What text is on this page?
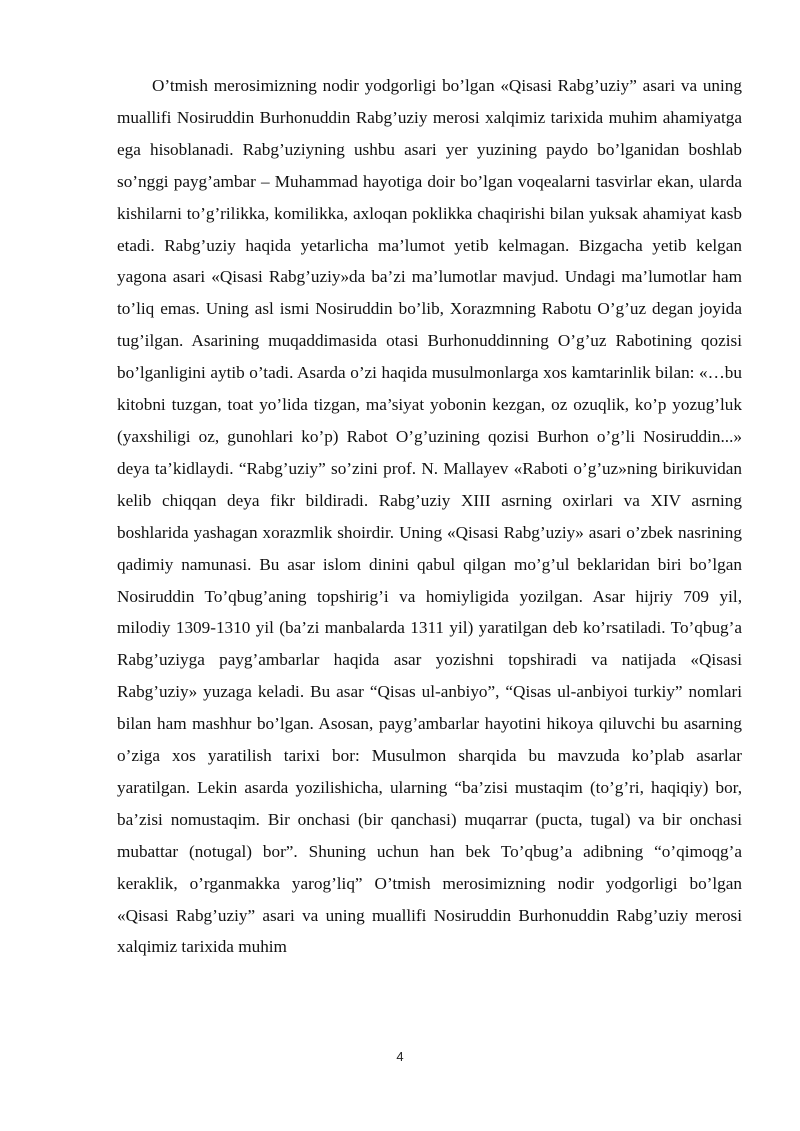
O’tmish merosimizning nodir yodgorligi bo’lgan «Qisasi Rabg’uziy” asari va uning muallifi Nosiruddin Burhonuddin Rabg’uziy merosi xalqimiz tarixida muhim ahamiyatga ega hisoblanadi. Rabg’uziyning ushbu asari yer yuzining paydo bo’lganidan boshlab so’nggi payg’ambar – Muhammad hayotiga doir bo’lgan voqealarni tasvirlar ekan, ularda kishilarni to’g’rilikka, komilikka, axloqan poklikka chaqirishi bilan yuksak ahamiyat kasb etadi. Rabg’uziy haqida yetarlicha ma’lumot yetib kelmagan. Bizgacha yetib kelgan yagona asari «Qisasi Rabg’uziy»da ba’zi ma’lumotlar mavjud. Undagi ma’lumotlar ham to’liq emas. Uning asl ismi Nosiruddin bo’lib, Xorazmning Rabotu O’g’uz degan joyida tug’ilgan. Asarining muqaddimasida otasi Burhonuddinning O’g’uz Rabotining qozisi bo’lganligini aytib o’tadi. Asarda o’zi haqida musulmonlarga xos kamtarinlik bilan: «…bu kitobni tuzgan, toat yo’lida tizgan, ma’siyat yobonin kezgan, oz ozuqlik, ko’p yozug’luk (yaxshiligi oz, gunohlari ko’p) Rabot O’g’uzining qozisi Burhon o’g’li Nosiruddin...» deya ta’kidlaydi. “Rabg’uziy” so’zini prof. N. Mallayev «Raboti o’g’uz»ning birikuvidan kelib chiqqan deya fikr bildiradi. Rabg’uziy XIII asrning oxirlari va XIV asrning boshlarida yashagan xorazmlik shoirdir. Uning «Qisasi Rabg’uziy» asari o’zbek nasrining qadimiy namunasi. Bu asar islom dinini qabul qilgan mo’g’ul beklaridan biri bo’lgan Nosiruddin To’qbug’aning topshirig’i va homiyligida yozilgan. Asar hijriy 709 yil, milodiy 1309-1310 yil (ba’zi manbalarda 1311 yil) yaratilgan deb ko’rsatiladi. To’qbug’a Rabg’uziyga payg’ambarlar haqida asar yozishni topshiradi va natijada «Qisasi Rabg’uziy» yuzaga keladi. Bu asar “Qisas ul-anbiyo”, “Qisas ul-anbiyoi turkiy” nomlari bilan ham mashhur bo’lgan. Asosan, payg’ambarlar hayotini hikoya qiluvchi bu asarning o’ziga xos yaratilish tarixi bor: Musulmon sharqida bu mavzuda ko’plab asarlar yaratilgan. Lekin asarda yozilishicha, ularning “ba’zisi mustaqim (to’g’ri, haqiqiy) bor, ba’zisi nomustaqim. Bir onchasi (bir qanchasi) muqarrar (pucta, tugal) va bir onchasi mubattar (notugal) bor”. Shuning uchun han bek To’qbug’a adibning “o’qimoqg’a keraklik, o’rganmakka yarog’liq” O’tmish merosimizning nodir yodgorligi bo’lgan «Qisasi Rabg’uziy” asari va uning muallifi Nosiruddin Burhonuddin Rabg’uziy merosi xalqimiz tarixida muhim

4
